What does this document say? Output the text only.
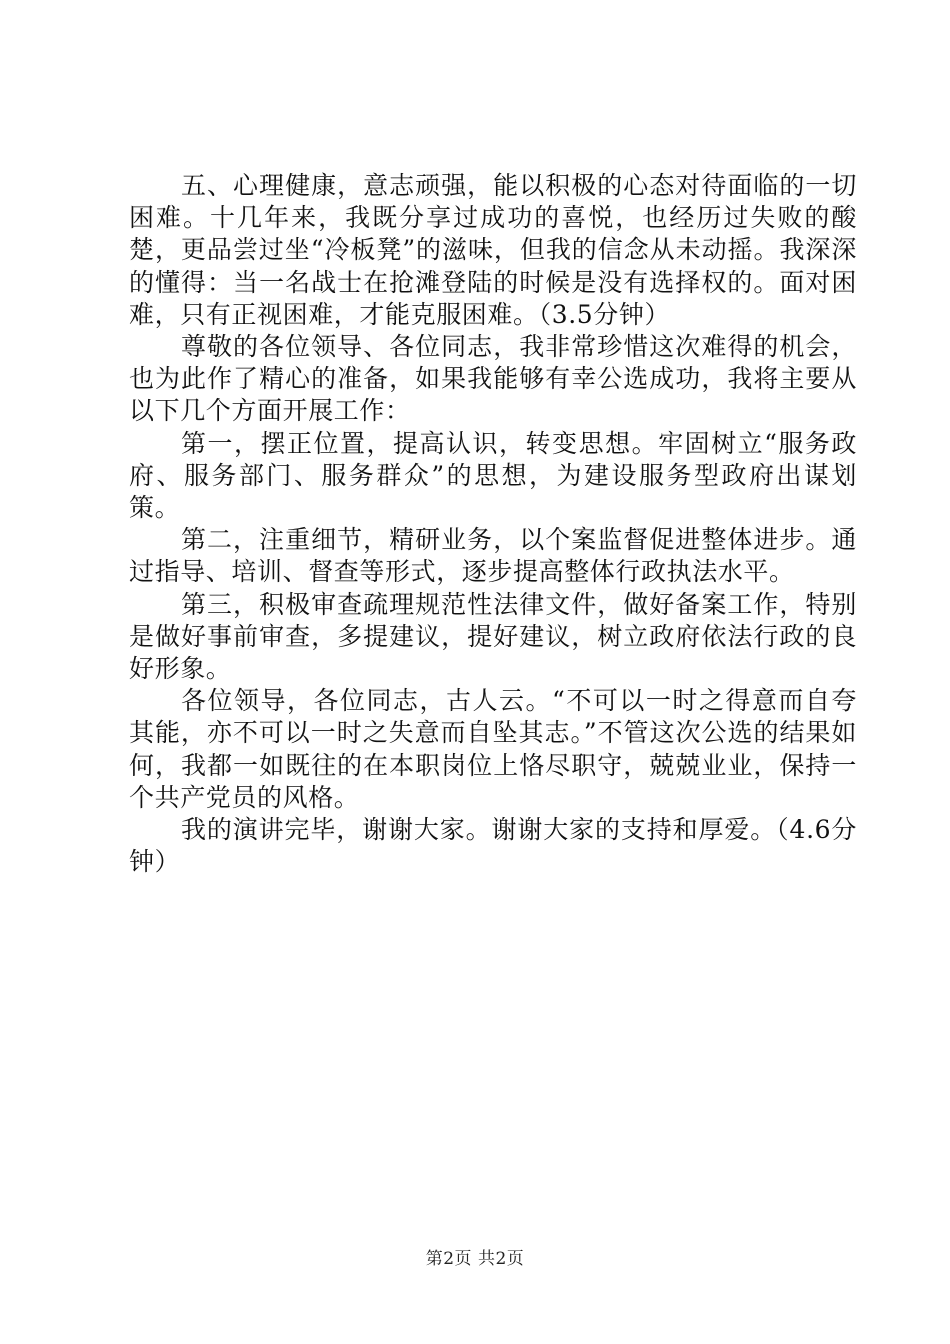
五、心理健康，意志顽强，能以积极的心态对待面临的一切困难。十几年来，我既分享过成功的喜悦，也经历过失败的酸楚，更品尝过坐“冷板凳”的滋味，但我的信念从未动摇。我深深的懂得：当一名战士在抢滩登陆的时候是没有选择权的。面对困难，只有正视困难，才能克服困难。（3.5分钟）

尊敬的各位领导、各位同志，我非常珍惜这次难得的机会，也为此作了精心的准备，如果我能够有幸公选成功，我将主要从以下几个方面开展工作：

第一，摆正位置，提高认识，转变思想。牢固树立“服务政府、服务部门、服务群众”的思想，为建设服务型政府出谋划策。

第二，注重细节，精研业务，以个案监督促进整体进步。通过指导、培训、督查等形式，逐步提高整体行政执法水平。

第三，积极审查疏理规范性法律文件，做好备案工作，特别是做好事前审查，多提建议，提好建议，树立政府依法行政的良好形象。

各位领导，各位同志，古人云。“不可以一时之得意而自夸其能，亦不可以一时之失意而自坠其志。”不管这次公选的结果如何，我都一如既往的在本职岗位上恪尽职守，兢兢业业，保持一个共产党员的风格。

我的演讲完毕，谢谢大家。谢谢大家的支持和厚爱。（4.6分钟）

第2页 共2页
